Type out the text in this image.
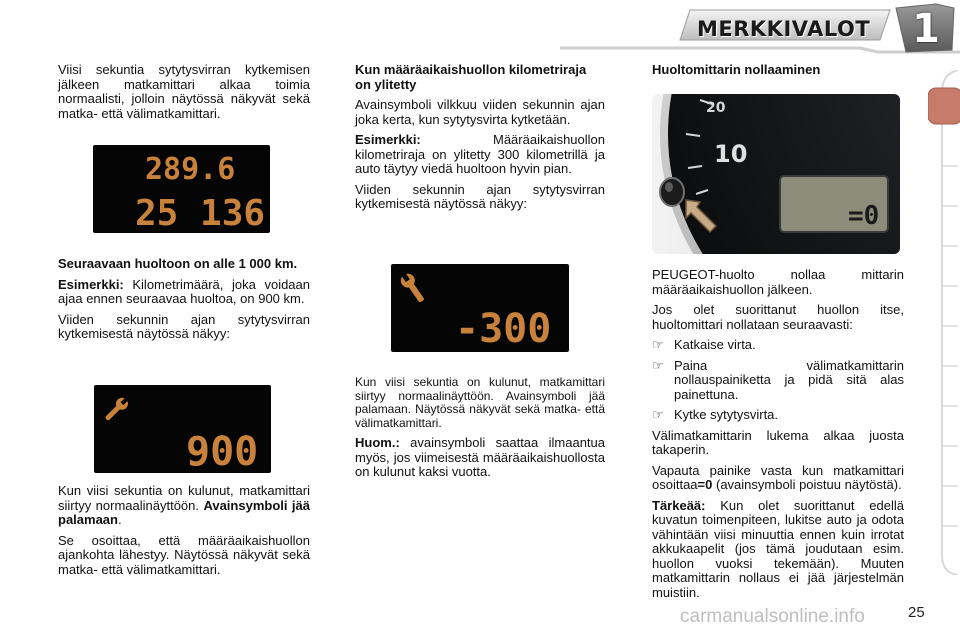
MERKKIVALOT 1

Viisi sekuntia sytytysvirran kytkemisen jälkeen matkamittari alkaa toimia normaalisti, jolloin näytössä näkyvät sekä matka- että välimatkamittari.

289.6
25 136
Seuraavaan huoltoon on alle 1 000 km.

Esimerkki: Kilometrimäärä, joka voidaan ajaa ennen seuraavaa huoltoa, on 900 km.

Viiden sekunnin ajan sytytysvirran kytkemisestä näytössä näkyy:

900

Kun viisi sekuntia on kulunut, matkamittari siirtyy normaalinäyttöön. Avainsymboli jää palamaan.

Se osoittaa, että määräaikaishuollon ajankohta lähestyy. Näytössä näkyvät sekä matka- että välimatkamittari.

Kun määräaikaishuollon kilometriraja on ylitetty

Avainsymboli vilkkuu viiden sekunnin ajan joka kerta, kun sytytysvirta kytketään.

Esimerkki: Määräaikaishuollon kilometriraja on ylitetty 300 kilometrillä ja auto täytyy viedä huoltoon hyvin pian.

Viiden sekunnin ajan sytytysvirran kytkemisestä näytössä näkyy:

-300

Kun viisi sekuntia on kulunut, matkamittari siirtyy normaalinäyttöön. Avainsymboli jää palamaan. Näytössä näkyvät sekä matka- että välimatkamittari.

Huom.: avainsymboli saattaa ilmaantua myös, jos viimeisestä määräaikaishuollosta on kulunut kaksi vuotta.

Huoltomittarin nollaaminen
20
10
=0

PEUGEOT-huolto nollaa mittarin määräaikaishuollon jälkeen.

Jos olet suorittanut huollon itse, huoltomittari nollataan seuraavasti:

☞ Katkaise virta.
☞ Paina välimatkamittarin nollauspainiketta ja pidä sitä alas painettuna.
☞ Kytke sytytysvirta.

Välimatkamittarin lukema alkaa juosta takaperin.

Vapauta painike vasta kun matkamittari osoittaa=0 (avainsymboli poistuu näytöstä).

Tärkeää: Kun olet suorittanut edellä kuvatun toimenpiteen, lukitse auto ja odota vähintään viisi minuuttia ennen kuin irrotat akkukaapelit (jos tämä joudutaan esim. huollon vuoksi tekemään). Muuten matkamittarin nollaus ei jää järjestelmän muistiin.

carmanualsonline.info	25
